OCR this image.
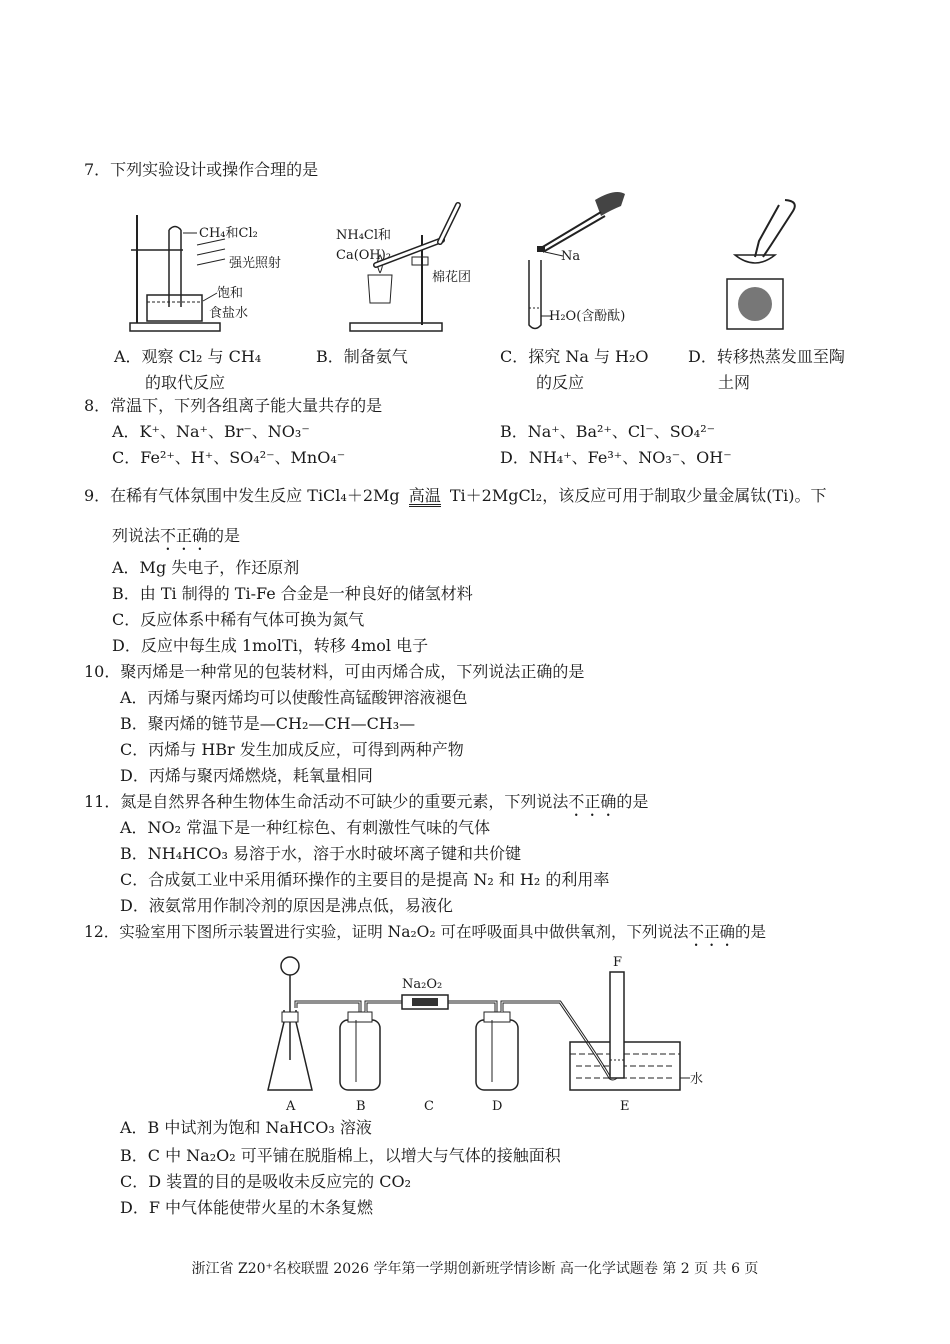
7．下列实验设计或操作合理的是
CH₄和Cl₂
强光照射
饱和
食盐水
NH₄Cl和
Ca(OH)₂
棉花团
Na
H₂O(含酚酞)
A．观察 Cl₂ 与 CH₄
的取代反应
B．制备氨气	C．探究 Na 与 H₂O
的反应
D．转移热蒸发皿至陶
土网
8．常温下，下列各组离子能大量共存的是
A．K⁺、Na⁺、Br⁻、NO₃⁻	B．Na⁺、Ba²⁺、Cl⁻、SO₄²⁻
C．Fe²⁺、H⁺、SO₄²⁻、MnO₄⁻	D．NH₄⁺、Fe³⁺、NO₃⁻、OH⁻
9．在稀有气体氛围中发生反应 TiCl₄＋2Mg 高温 Ti＋2MgCl₂，该反应可用于制取少量金属钛(Ti)。下
列说法不正确的是
A．Mg 失电子，作还原剂
B．由 Ti 制得的 Ti-Fe 合金是一种良好的储氢材料
C．反应体系中稀有气体可换为氮气
D．反应中每生成 1molTi，转移 4mol 电子
10．聚丙烯是一种常见的包装材料，可由丙烯合成，下列说法正确的是
A．丙烯与聚丙烯均可以使酸性高锰酸钾溶液褪色
B．聚丙烯的链节是—CH₂—CH—CH₃—
C．丙烯与 HBr 发生加成反应，可得到两种产物
D．丙烯与聚丙烯燃烧，耗氧量相同
11．氮是自然界各种生物体生命活动不可缺少的重要元素，下列说法不正确的是
A．NO₂ 常温下是一种红棕色、有刺激性气味的气体
B．NH₄HCO₃ 易溶于水，溶于水时破坏离子键和共价键
C．合成氨工业中采用循环操作的主要目的是提高 N₂ 和 H₂ 的利用率
D．液氨常用作制冷剂的原因是沸点低，易液化
12．实验室用下图所示装置进行实验，证明 Na₂O₂ 可在呼吸面具中做供氧剂，下列说法不正确的是
Na₂O₂
F
水
A	B	C	D	E
A．B 中试剂为饱和 NaHCO₃ 溶液
B．C 中 Na₂O₂ 可平铺在脱脂棉上，以增大与气体的接触面积
C．D 装置的目的是吸收未反应完的 CO₂
D．F 中气体能使带火星的木条复燃
浙江省 Z20⁺名校联盟 2026 学年第一学期创新班学情诊断 高一化学试题卷 第 2 页 共 6 页
